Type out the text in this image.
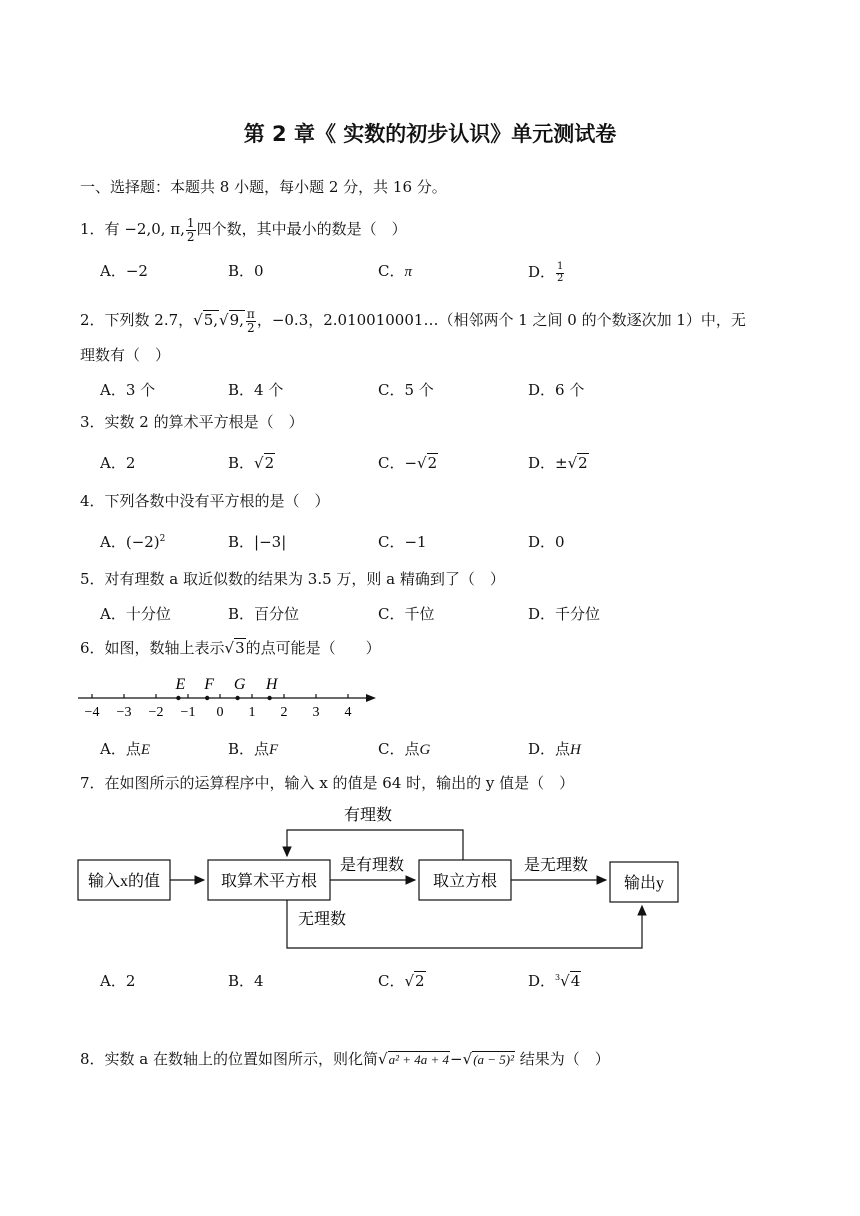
第 2 章《 实数的初步认识》单元测试卷
一、选择题：本题共 8 小题，每小题 2 分，共 16 分。
1．有 −2,0, π, $\frac{1}{2}$ 四个数，其中最小的数是（　）
A．−2	B．0	C．π	D． $\frac{1}{2}$
2．下列数 2.7，√5,√9, $\frac{\pi}{2}$ ，−0.3，2.010010001…（相邻两个 1 之间 0 的个数逐次加 1）中，无
理数有（　）
A．3 个	B．4 个	C．5 个	D．6 个
3．实数 2 的算术平方根是（　）
A．2	B．√2	C．−√2	D．±√2
4．下列各数中没有平方根的是（　）
A．$(-2)^2$	B．|−3|	C．−1	D．0
5．对有理数 a 取近似数的结果为 3.5 万，则 a 精确到了（　）
A．十分位	B．百分位	C．千位	D．千分位
6．如图，数轴上表示√3的点可能是（　　）
−4 −3 −2 −1 0 1 2 3 4
E F G H
A．点E	B．点F	C．点G	D．点H
7．在如图所示的运算程序中，输入 x 的值是 64 时，输出的 y 值是（　）
输入x的值	取算术平方根	取立方根	输出y
有理数
是有理数	是无理数
无理数
A．2	B．4	C．√2	D．$^3$√4
8．实数 a 在数轴上的位置如图所示，则化简√a² + 4a + 4−√(a − 5)² 结果为（　）
